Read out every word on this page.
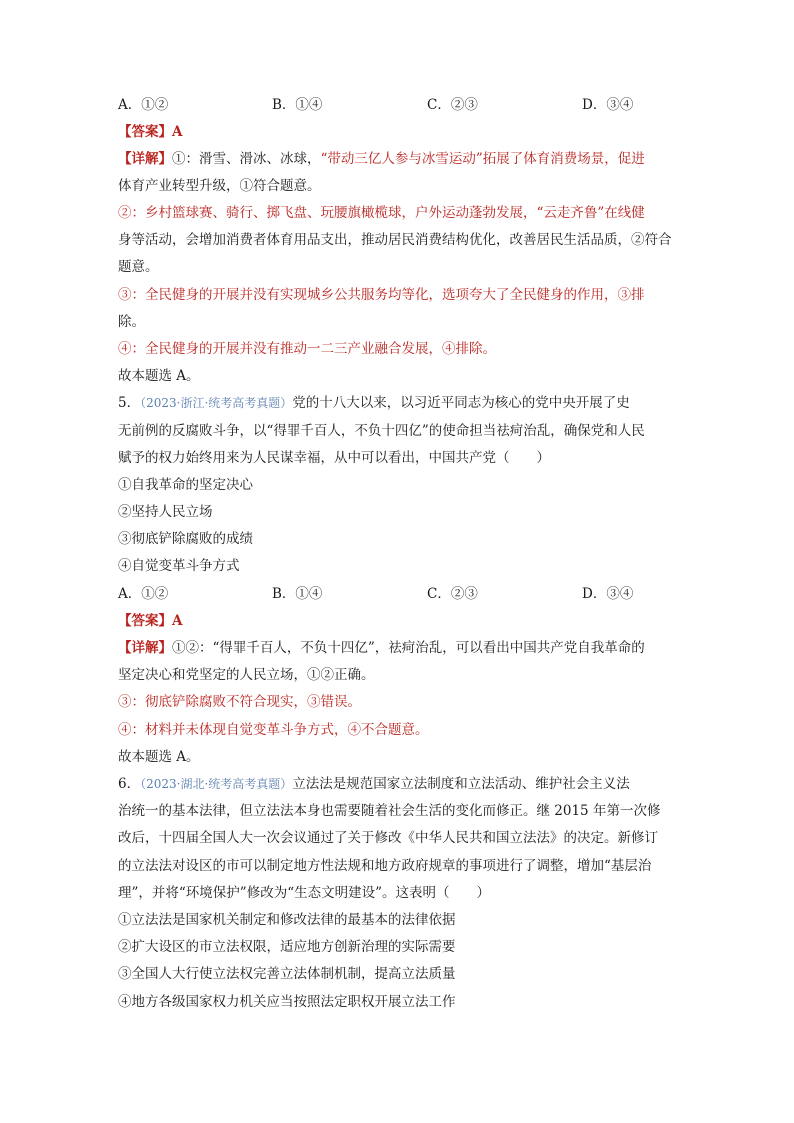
A．①②	B．①④	C．②③	D．③④
【答案】A
【详解】①：滑雪、滑冰、冰球，“带动三亿人参与冰雪运动”拓展了体育消费场景，促进
体育产业转型升级，①符合题意。
②：乡村篮球赛、骑行、掷飞盘、玩腰旗橄榄球，户外运动蓬勃发展，“云走齐鲁”在线健
身等活动，会增加消费者体育用品支出，推动居民消费结构优化，改善居民生活品质，②符合
题意。
③：全民健身的开展并没有实现城乡公共服务均等化，选项夸大了全民健身的作用，③排
除。
④：全民健身的开展并没有推动一二三产业融合发展，④排除。
故本题选 A。
5．（2023·浙江·统考高考真题）党的十八大以来，以习近平同志为核心的党中央开展了史
无前例的反腐败斗争，以“得罪千百人，不负十四亿”的使命担当祛疴治乱，确保党和人民
赋予的权力始终用来为人民谋幸福，从中可以看出，中国共产党（　　）
①自我革命的坚定决心
②坚持人民立场
③彻底铲除腐败的成绩
④自觉变革斗争方式
A．①②	B．①④	C．②③	D．③④
【答案】A
【详解】①②：“得罪千百人，不负十四亿”，祛疴治乱，可以看出中国共产党自我革命的
坚定决心和党坚定的人民立场，①②正确。
③：彻底铲除腐败不符合现实，③错误。
④：材料并未体现自觉变革斗争方式，④不合题意。
故本题选 A。
6．（2023·湖北·统考高考真题）立法法是规范国家立法制度和立法活动、维护社会主义法
治统一的基本法律，但立法法本身也需要随着社会生活的变化而修正。继 2015 年第一次修
改后，十四届全国人大一次会议通过了关于修改《中华人民共和国立法法》的决定。新修订
的立法法对设区的市可以制定地方性法规和地方政府规章的事项进行了调整，增加“基层治
理”，并将“环境保护”修改为“生态文明建设”。这表明（　　）
①立法法是国家机关制定和修改法律的最基本的法律依据
②扩大设区的市立法权限，适应地方创新治理的实际需要
③全国人大行使立法权完善立法体制机制，提高立法质量
④地方各级国家权力机关应当按照法定职权开展立法工作
